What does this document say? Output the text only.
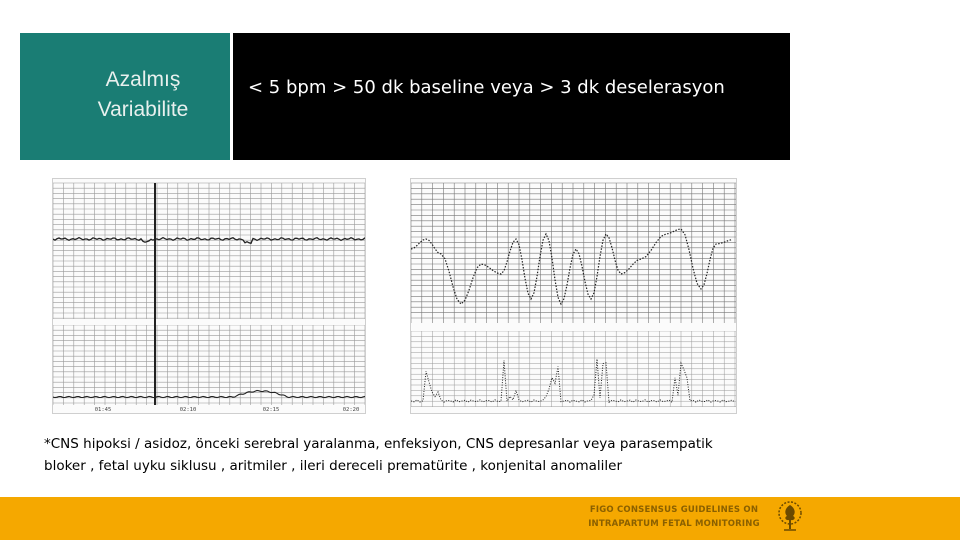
Azalmış Variabilite
< 5 bpm > 50 dk baseline veya > 3 dk deselerasyon
01:45	02:10	02:15	02:20
*CNS hipoksi / asidoz, önceki serebral yaralanma, enfeksiyon, CNS depresanlar veya parasempatik bloker , fetal uyku siklusu , aritmiler , ileri dereceli prematürite , konjenital anomaliler
FIGO CONSENSUS GUIDELINES ON
INTRAPARTUM FETAL MONITORING
